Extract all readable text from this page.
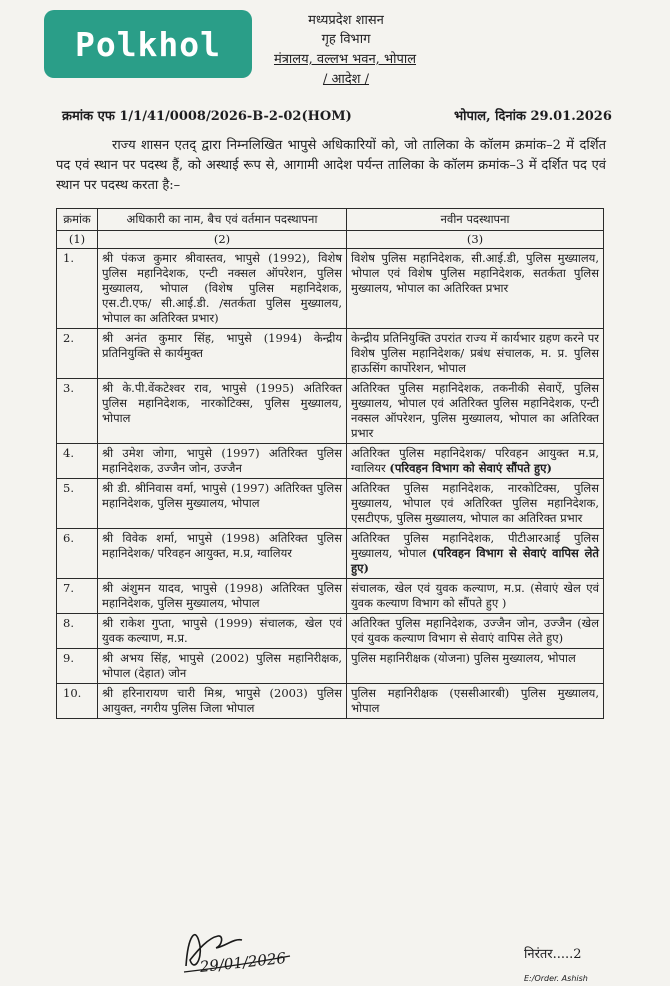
Polkhol
मध्यप्रदेश शासन
गृह विभाग
मंत्रालय, वल्लभ भवन, भोपाल
/ आदेश /
क्रमांक एफ 1/1/41/0008/2026-B-2-02(HOM)	भोपाल, दिनांक 29.01.2026
राज्य शासन एतद् द्वारा निम्नलिखित भापुसे अधिकारियों को, जो तालिका के कॉलम क्रमांक–2 में दर्शित पद एवं स्थान पर पदस्थ हैं, को अस्थाई रूप से, आगामी आदेश पर्यन्त तालिका के कॉलम क्रमांक–3 में दर्शित पद एवं स्थान पर पदस्थ करता है:–
क्रमांक	अधिकारी का नाम, बैच एवं वर्तमान पदस्थापना	नवीन पदस्थापना
(1)	(2)	(3)
1.	श्री पंकज कुमार श्रीवास्तव, भापुसे (1992), विशेष पुलिस महानिदेशक, एन्टी नक्सल ऑपरेशन, पुलिस मुख्यालय, भोपाल (विशेष पुलिस महानिदेशक, एस.टी.एफ/ सी.आई.डी. /सतर्कता पुलिस मुख्यालय, भोपाल का अतिरिक्त प्रभार)	विशेष पुलिस महानिदेशक, सी.आई.डी, पुलिस मुख्यालय, भोपाल एवं विशेष पुलिस महानिदेशक, सतर्कता पुलिस मुख्यालय, भोपाल का अतिरिक्त प्रभार
2.	श्री अनंत कुमार सिंह, भापुसे (1994) केन्द्रीय प्रतिनियुक्ति से कार्यमुक्त	केन्द्रीय प्रतिनियुक्ति उपरांत राज्य में कार्यभार ग्रहण करने पर विशेष पुलिस महानिदेशक/ प्रबंध संचालक, म. प्र. पुलिस हाऊसिंग कार्पोरेशन, भोपाल
3.	श्री के.पी.वेंकटेश्वर राव, भापुसे (1995) अतिरिक्त पुलिस महानिदेशक, नारकोटिक्स, पुलिस मुख्यालय, भोपाल	अतिरिक्त पुलिस महानिदेशक, तकनीकी सेवाऐं, पुलिस मुख्यालय, भोपाल एवं अतिरिक्त पुलिस महानिदेशक, एन्टी नक्सल ऑपरेशन, पुलिस मुख्यालय, भोपाल का अतिरिक्त प्रभार
4.	श्री उमेश जोगा, भापुसे (1997) अतिरिक्त पुलिस महानिदेशक, उज्जैन जोन, उज्जैन	अतिरिक्त पुलिस महानिदेशक/ परिवहन आयुक्त म.प्र, ग्वालियर (परिवहन विभाग को सेवाएं सौंपते हुए)
5.	श्री डी. श्रीनिवास वर्मा, भापुसे (1997) अतिरिक्त पुलिस महानिदेशक, पुलिस मुख्यालय, भोपाल	अतिरिक्त पुलिस महानिदेशक, नारकोटिक्स, पुलिस मुख्यालय, भोपाल एवं अतिरिक्त पुलिस महानिदेशक, एसटीएफ, पुलिस मुख्यालय, भोपाल का अतिरिक्त प्रभार
6.	श्री विवेक शर्मा, भापुसे (1998) अतिरिक्त पुलिस महानिदेशक/ परिवहन आयुक्त, म.प्र, ग्वालियर	अतिरिक्त पुलिस महानिदेशक, पीटीआरआई पुलिस मुख्यालय, भोपाल (परिवहन विभाग से सेवाएं वापिस लेते हुए)
7.	श्री अंशुमन यादव, भापुसे (1998) अतिरिक्त पुलिस महानिदेशक, पुलिस मुख्यालय, भोपाल	संचालक, खेल एवं युवक कल्याण, म.प्र. (सेवाएं खेल एवं युवक कल्याण विभाग को सौंपते हुए )
8.	श्री राकेश गुप्ता, भापुसे (1999) संचालक, खेल एवं युवक कल्याण, म.प्र.	अतिरिक्त पुलिस महानिदेशक, उज्जैन जोन, उज्जैन (खेल एवं युवक कल्याण विभाग से सेवाएं वापिस लेते हुए)
9.	श्री अभय सिंह, भापुसे (2002) पुलिस महानिरीक्षक, भोपाल (देहात) जोन	पुलिस महानिरीक्षक (योजना) पुलिस मुख्यालय, भोपाल
10.	श्री हरिनारायण चारी मिश्र, भापुसे (2003) पुलिस आयुक्त, नगरीय पुलिस जिला भोपाल	पुलिस महानिरीक्षक (एससीआरबी) पुलिस मुख्यालय, भोपाल
29/01/2026	निरंतर.....2
E:/Order. Ashish
